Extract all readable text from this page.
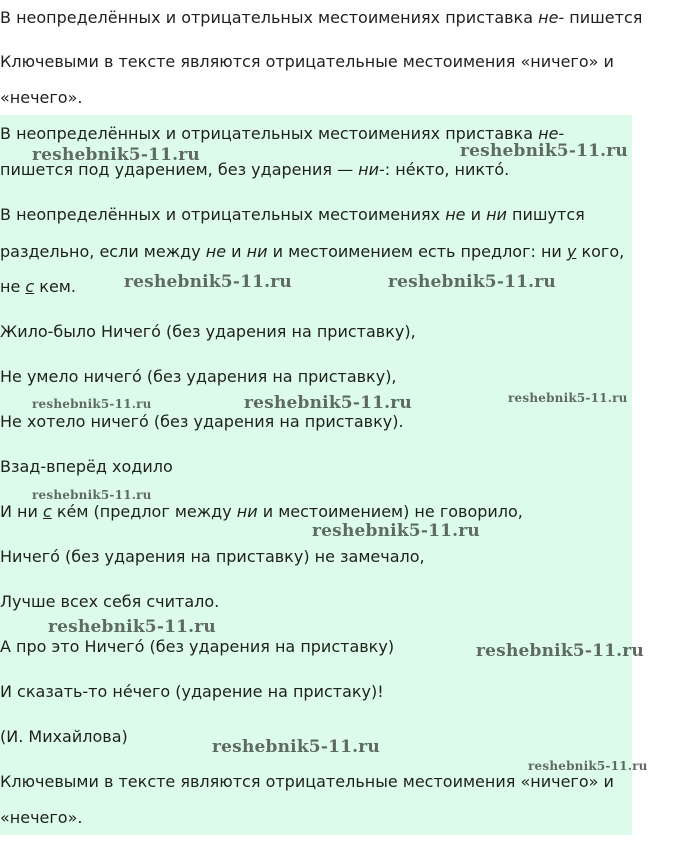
В неопределённых и отрицательных местоимениях приставка не- пишется
Ключевыми в тексте являются отрицательные местоимения «ничего» и
«нечего».
В неопределённых и отрицательных местоимениях приставка не-
пишется под ударением, без ударения — ни-: не́кто, никто́.
В неопределённых и отрицательных местоимениях не и ни пишутся
раздельно, если между не и ни и местоимением есть предлог: ни у кого,
не с кем.
Жило-было Ничего́ (без ударения на приставку),
Не умело ничего́ (без ударения на приставку),
Не хотело ничего́ (без ударения на приставку).
Взад-вперёд ходило
И ни с ке́м (предлог между ни и местоимением) не говорило,
Ничего́ (без ударения на приставку) не замечало,
Лучше всех себя считало.
А про это Ничего́ (без ударения на приставку)
И сказать-то не́чего (ударение на пристаку)!
(И. Михайлова)
Ключевыми в тексте являются отрицательные местоимения «ничего» и
«нечего».
reshebnik5-11.ru	reshebnik5-11.ru
reshebnik5-11.ru	reshebnik5-11.ru
reshebnik5-11.ru	reshebnik5-11.ru	reshebnik5-11.ru
reshebnik5-11.ru
reshebnik5-11.ru
reshebnik5-11.ru
reshebnik5-11.ru
reshebnik5-11.ru
reshebnik5-11.ru
